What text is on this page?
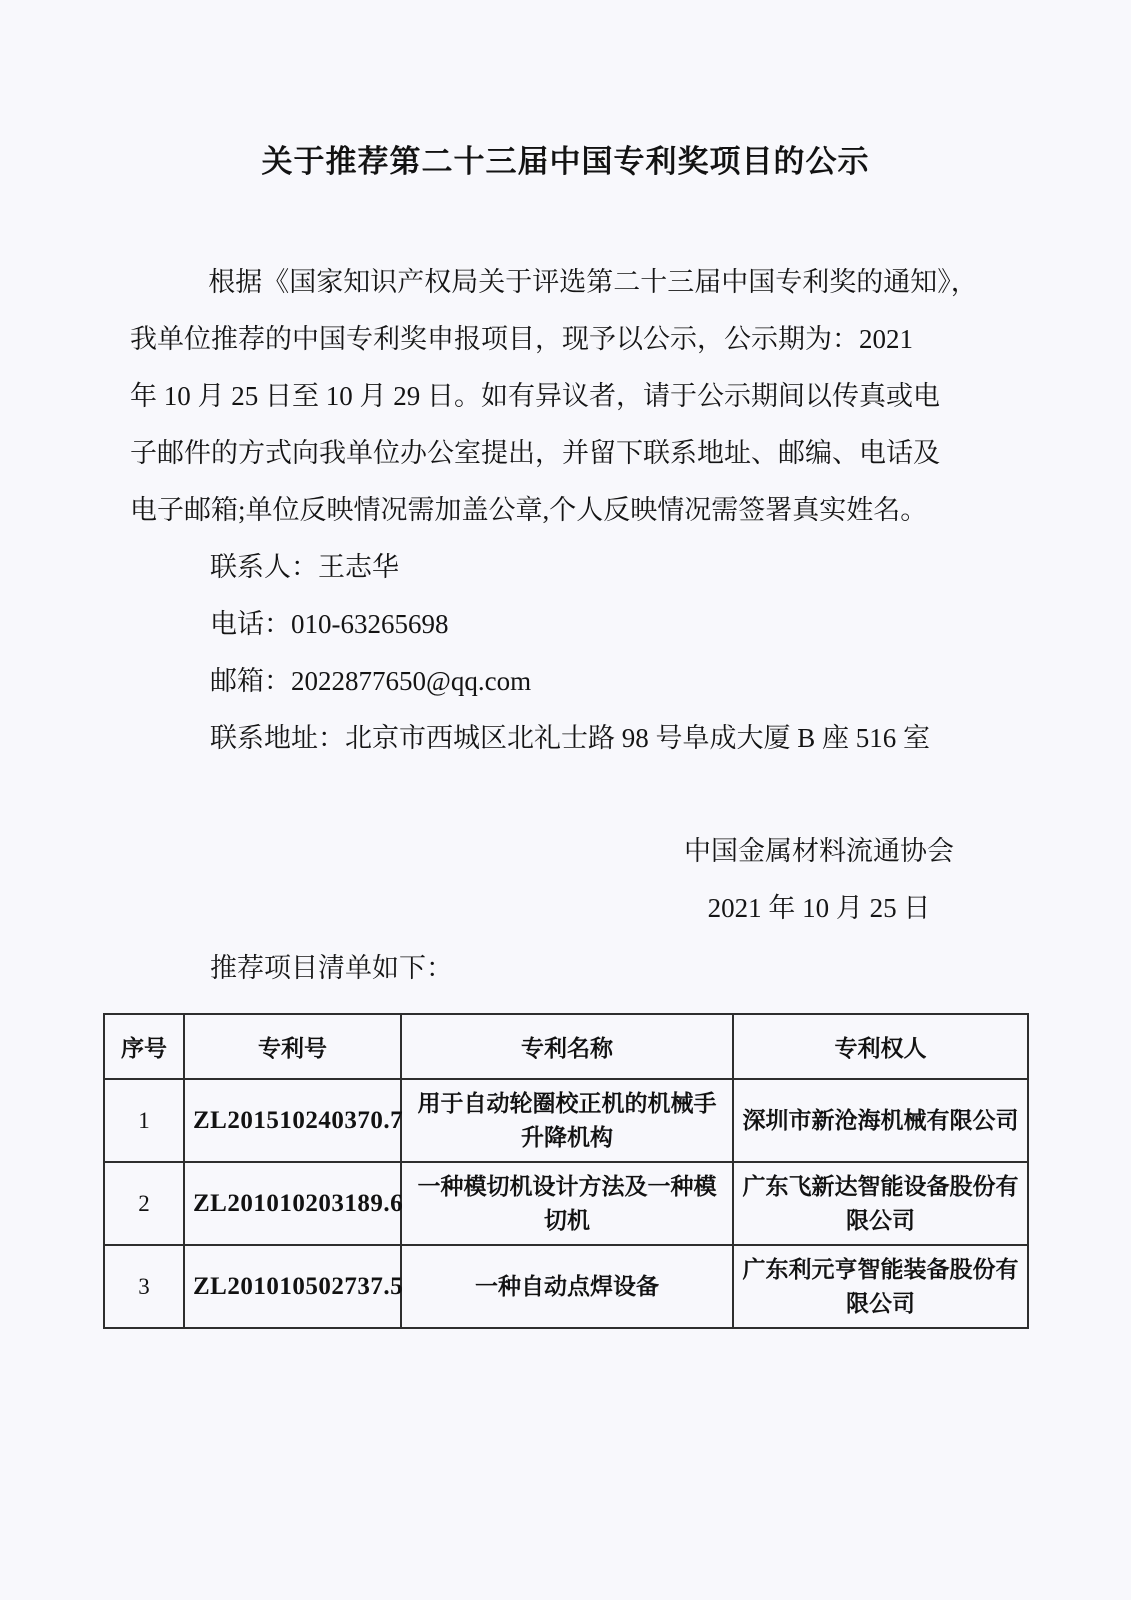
关于推荐第二十三届中国专利奖项目的公示
根据《国家知识产权局关于评选第二十三届中国专利奖的通知》，
我单位推荐的中国专利奖申报项目，现予以公示，公示期为：2021
年 10 月 25 日至 10 月 29 日。如有异议者，请于公示期间以传真或电
子邮件的方式向我单位办公室提出，并留下联系地址、邮编、电话及
电子邮箱;单位反映情况需加盖公章,个人反映情况需签署真实姓名。
联系人：王志华
电话：010-63265698
邮箱：2022877650@qq.com
联系地址：北京市西城区北礼士路 98 号阜成大厦 B 座 516 室
中国金属材料流通协会
2021 年 10 月 25 日
推荐项目清单如下：
序号	专利号	专利名称	专利权人
1	ZL201510240370.7	用于自动轮圈校正机的机械手升降机构	深圳市新沧海机械有限公司
2	ZL201010203189.6	一种模切机设计方法及一种模切机	广东飞新达智能设备股份有限公司
3	ZL201010502737.5	一种自动点焊设备	广东利元亨智能装备股份有限公司
